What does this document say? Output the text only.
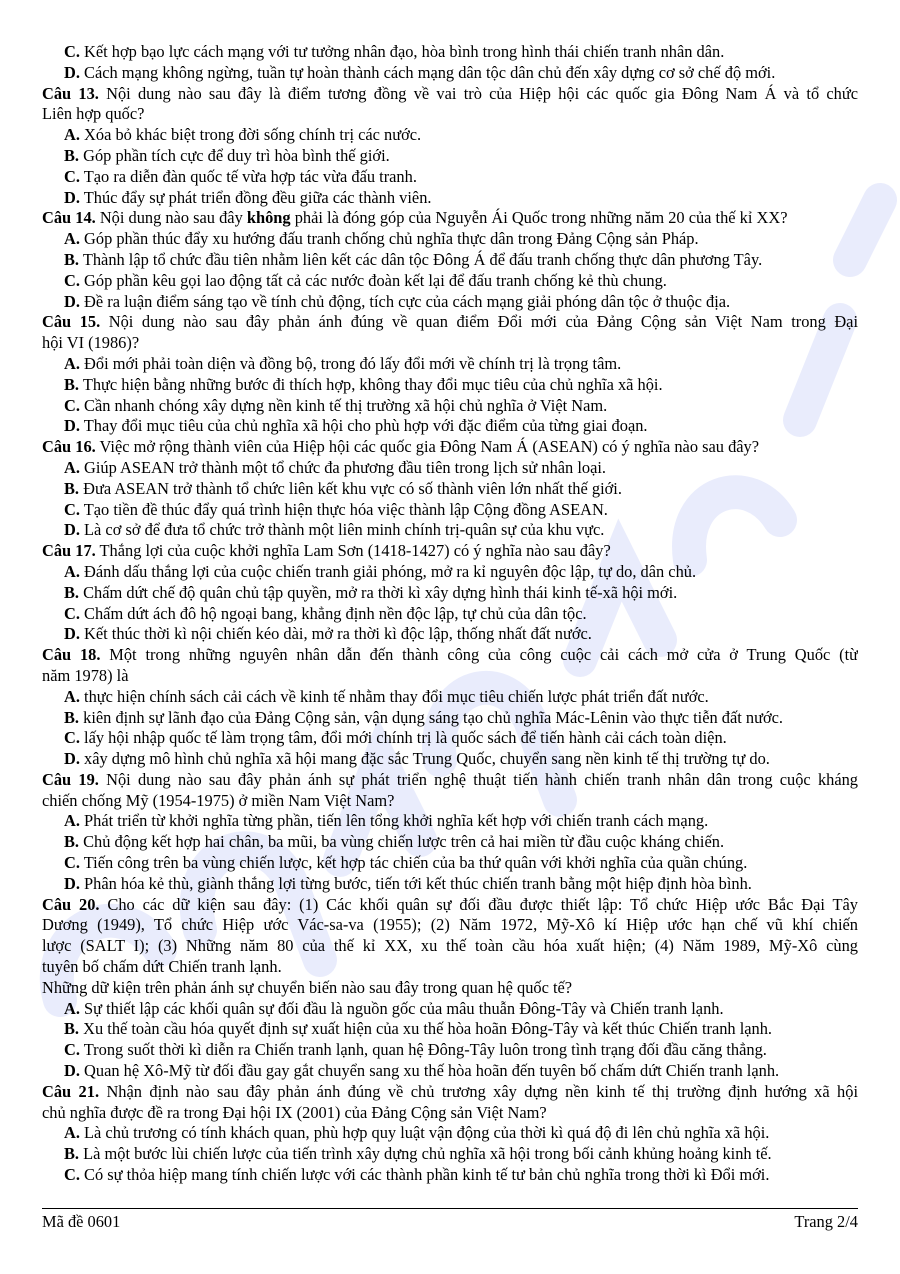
C. Kết hợp bạo lực cách mạng với tư tưởng nhân đạo, hòa bình trong hình thái chiến tranh nhân dân.
D. Cách mạng không ngừng, tuần tự hoàn thành cách mạng dân tộc dân chủ đến xây dựng cơ sở chế độ mới.
Câu 13. Nội dung nào sau đây là điểm tương đồng về vai trò của Hiệp hội các quốc gia Đông Nam Á và tổ chức
Liên hợp quốc?
A. Xóa bỏ khác biệt trong đời sống chính trị các nước.
B. Góp phần tích cực để duy trì hòa bình thế giới.
C. Tạo ra diễn đàn quốc tế vừa hợp tác vừa đấu tranh.
D. Thúc đẩy sự phát triển đồng đều giữa các thành viên.
Câu 14. Nội dung nào sau đây không phải là đóng góp của Nguyễn Ái Quốc trong những năm 20 của thế kỉ XX?
A. Góp phần thúc đẩy xu hướng đấu tranh chống chủ nghĩa thực dân trong Đảng Cộng sản Pháp.
B. Thành lập tổ chức đầu tiên nhằm liên kết các dân tộc Đông Á để đấu tranh chống thực dân phương Tây.
C. Góp phần kêu gọi lao động tất cả các nước đoàn kết lại để đấu tranh chống kẻ thù chung.
D. Đề ra luận điểm sáng tạo về tính chủ động, tích cực của cách mạng giải phóng dân tộc ở thuộc địa.
Câu 15. Nội dung nào sau đây phản ánh đúng về quan điểm Đổi mới của Đảng Cộng sản Việt Nam trong Đại
hội VI (1986)?
A. Đổi mới phải toàn diện và đồng bộ, trong đó lấy đổi mới về chính trị là trọng tâm.
B. Thực hiện bằng những bước đi thích hợp, không thay đổi mục tiêu của chủ nghĩa xã hội.
C. Cần nhanh chóng xây dựng nền kinh tế thị trường xã hội chủ nghĩa ở Việt Nam.
D. Thay đổi mục tiêu của chủ nghĩa xã hội cho phù hợp với đặc điểm của từng giai đoạn.
Câu 16. Việc mở rộng thành viên của Hiệp hội các quốc gia Đông Nam Á (ASEAN) có ý nghĩa nào sau đây?
A. Giúp ASEAN trở thành một tổ chức đa phương đầu tiên trong lịch sử nhân loại.
B. Đưa ASEAN trở thành tổ chức liên kết khu vực có số thành viên lớn nhất thế giới.
C. Tạo tiền đề thúc đẩy quá trình hiện thực hóa việc thành lập Cộng đồng ASEAN.
D. Là cơ sở để đưa tổ chức trở thành một liên minh chính trị-quân sự của khu vực.
Câu 17. Thắng lợi của cuộc khởi nghĩa Lam Sơn (1418-1427) có ý nghĩa nào sau đây?
A. Đánh dấu thắng lợi của cuộc chiến tranh giải phóng, mở ra kỉ nguyên độc lập, tự do, dân chủ.
B. Chấm dứt chế độ quân chủ tập quyền, mở ra thời kì xây dựng hình thái kinh tế-xã hội mới.
C. Chấm dứt ách đô hộ ngoại bang, khẳng định nền độc lập, tự chủ của dân tộc.
D. Kết thúc thời kì nội chiến kéo dài, mở ra thời kì độc lập, thống nhất đất nước.
Câu 18. Một trong những nguyên nhân dẫn đến thành công của công cuộc cải cách mở cửa ở Trung Quốc (từ
năm 1978) là
A. thực hiện chính sách cải cách về kinh tế nhằm thay đổi mục tiêu chiến lược phát triển đất nước.
B. kiên định sự lãnh đạo của Đảng Cộng sản, vận dụng sáng tạo chủ nghĩa Mác-Lênin vào thực tiễn đất nước.
C. lấy hội nhập quốc tế làm trọng tâm, đổi mới chính trị là quốc sách để tiến hành cải cách toàn diện.
D. xây dựng mô hình chủ nghĩa xã hội mang đặc sắc Trung Quốc, chuyển sang nền kinh tế thị trường tự do.
Câu 19. Nội dung nào sau đây phản ánh sự phát triển nghệ thuật tiến hành chiến tranh nhân dân trong cuộc kháng
chiến chống Mỹ (1954-1975) ở miền Nam Việt Nam?
A. Phát triển từ khởi nghĩa từng phần, tiến lên tổng khởi nghĩa kết hợp với chiến tranh cách mạng.
B. Chủ động kết hợp hai chân, ba mũi, ba vùng chiến lược trên cả hai miền từ đầu cuộc kháng chiến.
C. Tiến công trên ba vùng chiến lược, kết hợp tác chiến của ba thứ quân với khởi nghĩa của quần chúng.
D. Phân hóa kẻ thù, giành thắng lợi từng bước, tiến tới kết thúc chiến tranh bằng một hiệp định hòa bình.
Câu 20. Cho các dữ kiện sau đây: (1) Các khối quân sự đối đầu được thiết lập: Tổ chức Hiệp ước Bắc Đại Tây
Dương (1949), Tổ chức Hiệp ước Vác-sa-va (1955); (2) Năm 1972, Mỹ-Xô kí Hiệp ước hạn chế vũ khí chiến
lược (SALT I); (3) Những năm 80 của thế kỉ XX, xu thế toàn cầu hóa xuất hiện; (4) Năm 1989, Mỹ-Xô cùng
tuyên bố chấm dứt Chiến tranh lạnh.
Những dữ kiện trên phản ánh sự chuyển biến nào sau đây trong quan hệ quốc tế?
A. Sự thiết lập các khối quân sự đối đầu là nguồn gốc của mâu thuẫn Đông-Tây và Chiến tranh lạnh.
B. Xu thế toàn cầu hóa quyết định sự xuất hiện của xu thế hòa hoãn Đông-Tây và kết thúc Chiến tranh lạnh.
C. Trong suốt thời kì diễn ra Chiến tranh lạnh, quan hệ Đông-Tây luôn trong tình trạng đối đầu căng thẳng.
D. Quan hệ Xô-Mỹ từ đối đầu gay gắt chuyển sang xu thế hòa hoãn đến tuyên bố chấm dứt Chiến tranh lạnh.
Câu 21. Nhận định nào sau đây phản ánh đúng về chủ trương xây dựng nền kinh tế thị trường định hướng xã hội
chủ nghĩa được đề ra trong Đại hội IX (2001) của Đảng Cộng sản Việt Nam?
A. Là chủ trương có tính khách quan, phù hợp quy luật vận động của thời kì quá độ đi lên chủ nghĩa xã hội.
B. Là một bước lùi chiến lược của tiến trình xây dựng chủ nghĩa xã hội trong bối cảnh khủng hoảng kinh tế.
C. Có sự thỏa hiệp mang tính chiến lược với các thành phần kinh tế tư bản chủ nghĩa trong thời kì Đổi mới.
Mã đề 0601	Trang 2/4
